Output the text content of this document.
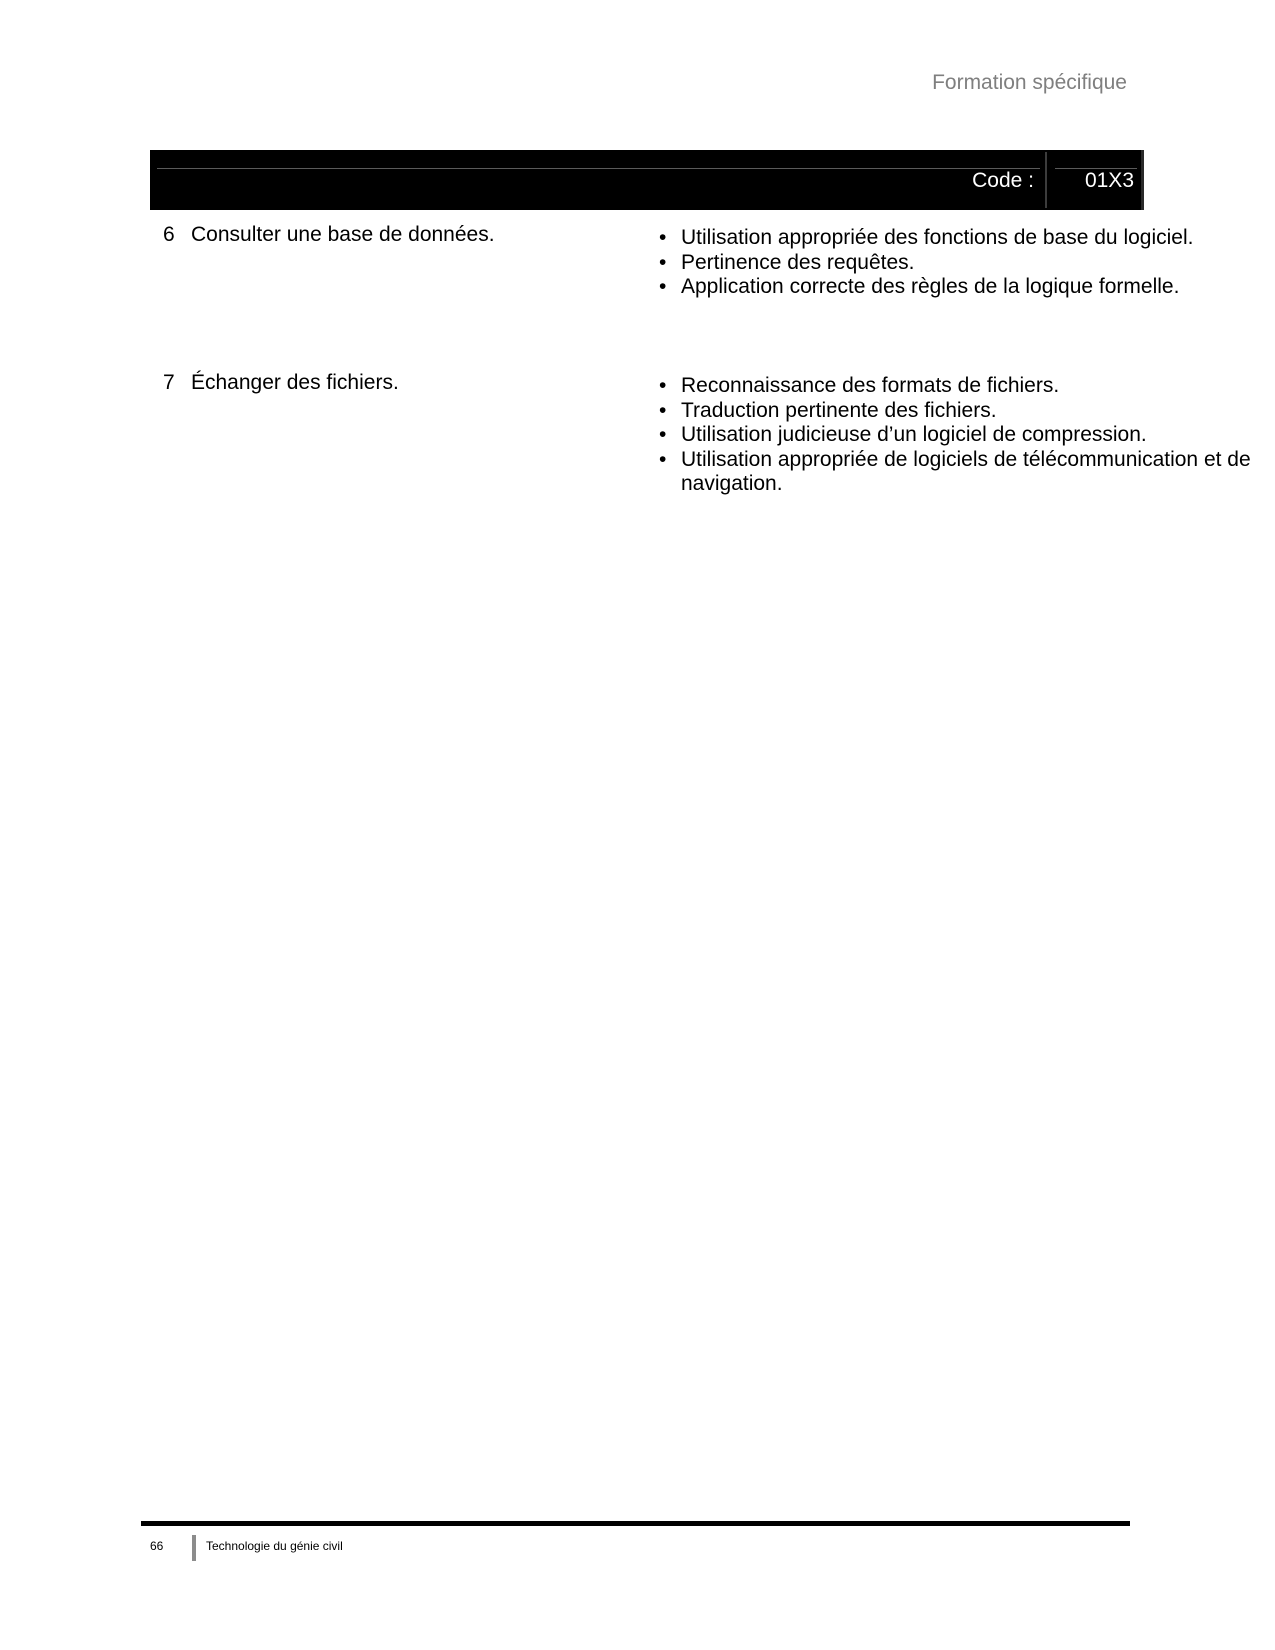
Formation spécifique
Code : 01X3
6 Consulter une base de données.	• Utilisation appropriée des fonctions de base du logiciel.
• Pertinence des requêtes.
• Application correcte des règles de la logique formelle.
7 Échanger des fichiers.	• Reconnaissance des formats de fichiers.
• Traduction pertinente des fichiers.
• Utilisation judicieuse d’un logiciel de compression.
• Utilisation appropriée de logiciels de télécommunication et de navigation.
66	Technologie du génie civil
